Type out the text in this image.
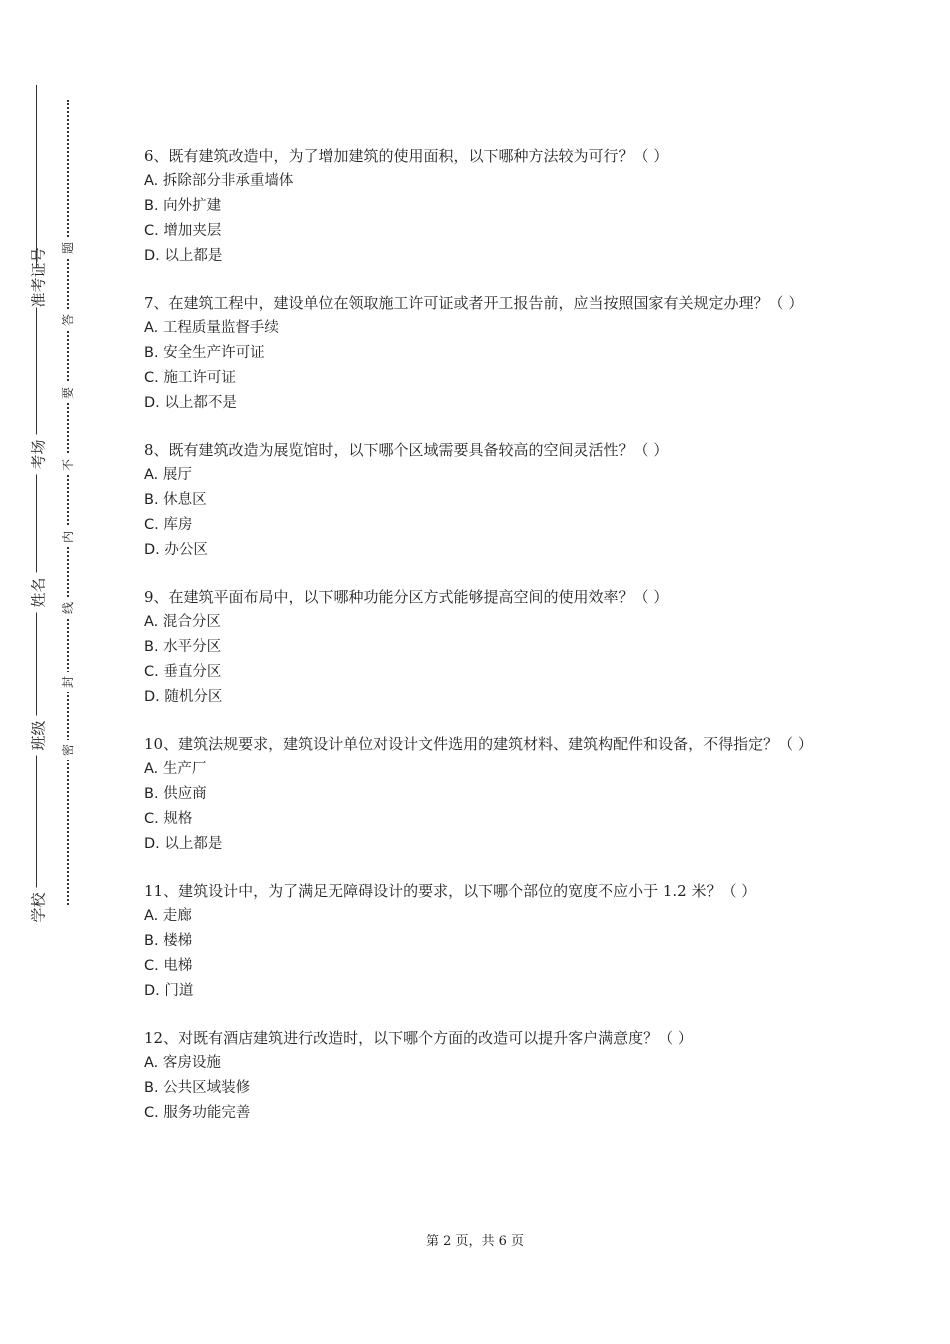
准考证号
考场
姓名
班级
学校
题
答
要
不
内
线
封
密
6、既有建筑改造中，为了增加建筑的使用面积，以下哪种方法较为可行？（ ）
A. 拆除部分非承重墙体
B. 向外扩建
C. 增加夹层
D. 以上都是
7、在建筑工程中，建设单位在领取施工许可证或者开工报告前，应当按照国家有关规定办理？（ ）
A. 工程质量监督手续
B. 安全生产许可证
C. 施工许可证
D. 以上都不是
8、既有建筑改造为展览馆时，以下哪个区域需要具备较高的空间灵活性？（ ）
A. 展厅
B. 休息区
C. 库房
D. 办公区
9、在建筑平面布局中，以下哪种功能分区方式能够提高空间的使用效率？（ ）
A. 混合分区
B. 水平分区
C. 垂直分区
D. 随机分区
10、建筑法规要求，建筑设计单位对设计文件选用的建筑材料、建筑构配件和设备，不得指定？（ ）
A. 生产厂
B. 供应商
C. 规格
D. 以上都是
11、建筑设计中，为了满足无障碍设计的要求，以下哪个部位的宽度不应小于 1.2 米？（ ）
A. 走廊
B. 楼梯
C. 电梯
D. 门道
12、对既有酒店建筑进行改造时，以下哪个方面的改造可以提升客户满意度？（ ）
A. 客房设施
B. 公共区域装修
C. 服务功能完善
第 2 页，共 6 页
